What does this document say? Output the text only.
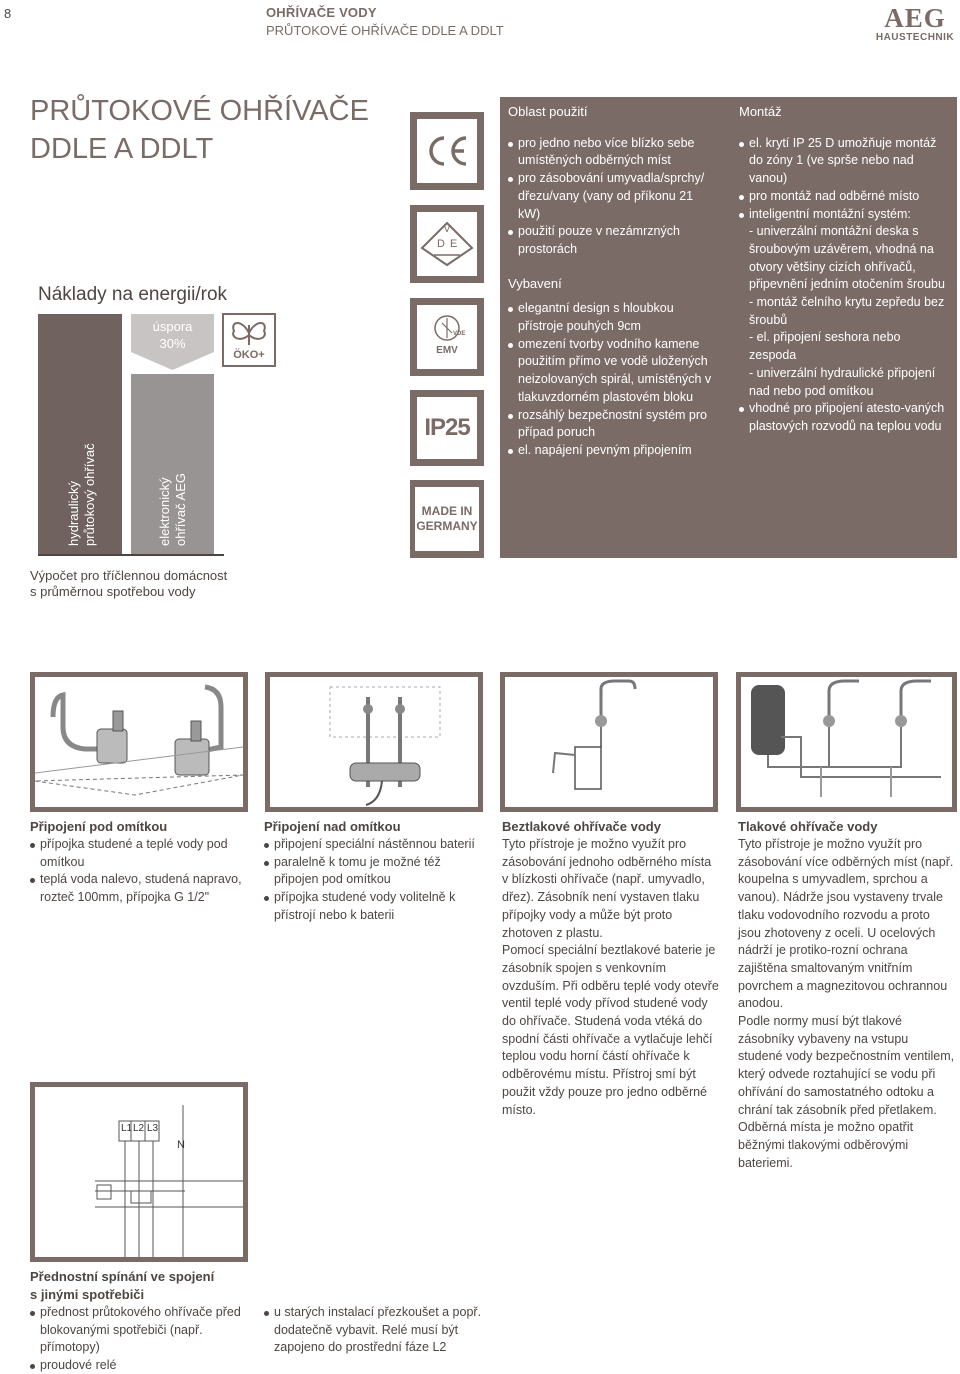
8	OHŘÍVAČE VODY
PRŮTOKOVÉ OHŘÍVAČE DDLE A DDLT	AEG
HAUSTECHNIK
PRŮTOKOVÉ OHŘÍVAČE
DDLE A DDLT
Náklady na energii/rok
hydraulický průtokový ohřívač
úspora
30%
elektronický ohřívač AEG
ÖKO+
Výpočet pro tříčlennou domácnost
s průměrnou spotřebou vody
V
D E
VDE
EMV
IP25
MADE IN
GERMANY
Oblast použití
pro jedno nebo více blízko sebe umístěných odběrných míst
pro zásobování umyvadla/sprchy/ dřezu/vany (vany od příkonu 21 kW)
použití pouze v nezámrzných prostorách
Vybavení
elegantní design s hloubkou přístroje pouhých 9cm
omezení tvorby vodního kamene použitím přímo ve vodě uložených neizolovaných spirál, umístěných v tlakuvzdorném plastovém bloku
rozsáhlý bezpečnostní systém pro případ poruch
el. napájení pevným připojením
Montáž
el. krytí IP 25 D umožňuje montáž do zóny 1 (ve sprše nebo nad vanou)
pro montáž nad odběrné místo
inteligentní montážní systém:
- univerzální montážní deska s šroubovým uzávěrem, vhodná na otvory většiny cizích ohřívačů, připevnění jedním otočením šroubu
- montáž čelního krytu zepředu bez šroubů
- el. připojení seshora nebo zespoda
- univerzální hydraulické připojení nad nebo pod omítkou
vhodné pro připojení atesto-vaných plastových rozvodů na teplou vodu
Připojení pod omítkou
přípojka studené a teplé vody pod omítkou
teplá voda nalevo, studená napravo, rozteč 100mm, přípojka G 1/2"
Připojení nad omítkou
připojení speciální nástěnnou baterií
paralelně k tomu je možné též připojen pod omítkou
přípojka studené vody volitelně k přístrojí nebo k baterii
Beztlakové ohřívače vody

Tyto přístroje je možno využít pro zásobování jednoho odběrného místa v blízkosti ohřívače (např. umyvadlo, dřez). Zásobník není vystaven tlaku přípojky vody a může být proto zhotoven z plastu.

Pomocí speciální beztlakové baterie je zásobník spojen s venkovním ovzduším. Při odběru teplé vody otevře ventil teplé vody přívod studené vody do ohřívače. Studená voda vtéká do spodní části ohřívače a vytlačuje lehčí teplou vodu horní částí ohřívače k odběrovému místu. Přístroj smí být použit vždy pouze pro jedno odběrné místo.

Tlakové ohřívače vody

Tyto přístroje je možno využít pro zásobování více odběrných míst (např. koupelna s umyvadlem, sprchou a vanou). Nádrže jsou vystaveny trvale tlaku vodovodního rozvodu a proto jsou zhotoveny z oceli. U ocelových nádrží je protiko-rozní ochrana zajištěna smaltovaným vnitřním povrchem a magnezitovou ochrannou anodou.

Podle normy musí být tlakové zásobníky vybaveny na vstupu studené vody bezpečnostním ventilem, který odvede roztahující se vodu při ohřívání do samostatného odtoku a chrání tak zásobník před přetlakem.

Odběrná místa je možno opatřit běžnými tlakovými odběrovými bateriemi.

L1 L2 L3
N
Přednostní spínání ve spojení
s jinými spotřebiči
přednost průtokového ohřívače před blokovanými spotřebiči (např. přímotopy)
proudové relé
u starých instalací přezkoušet a popř. dodatečně vybavit. Relé musí být zapojeno do prostřední fáze L2
